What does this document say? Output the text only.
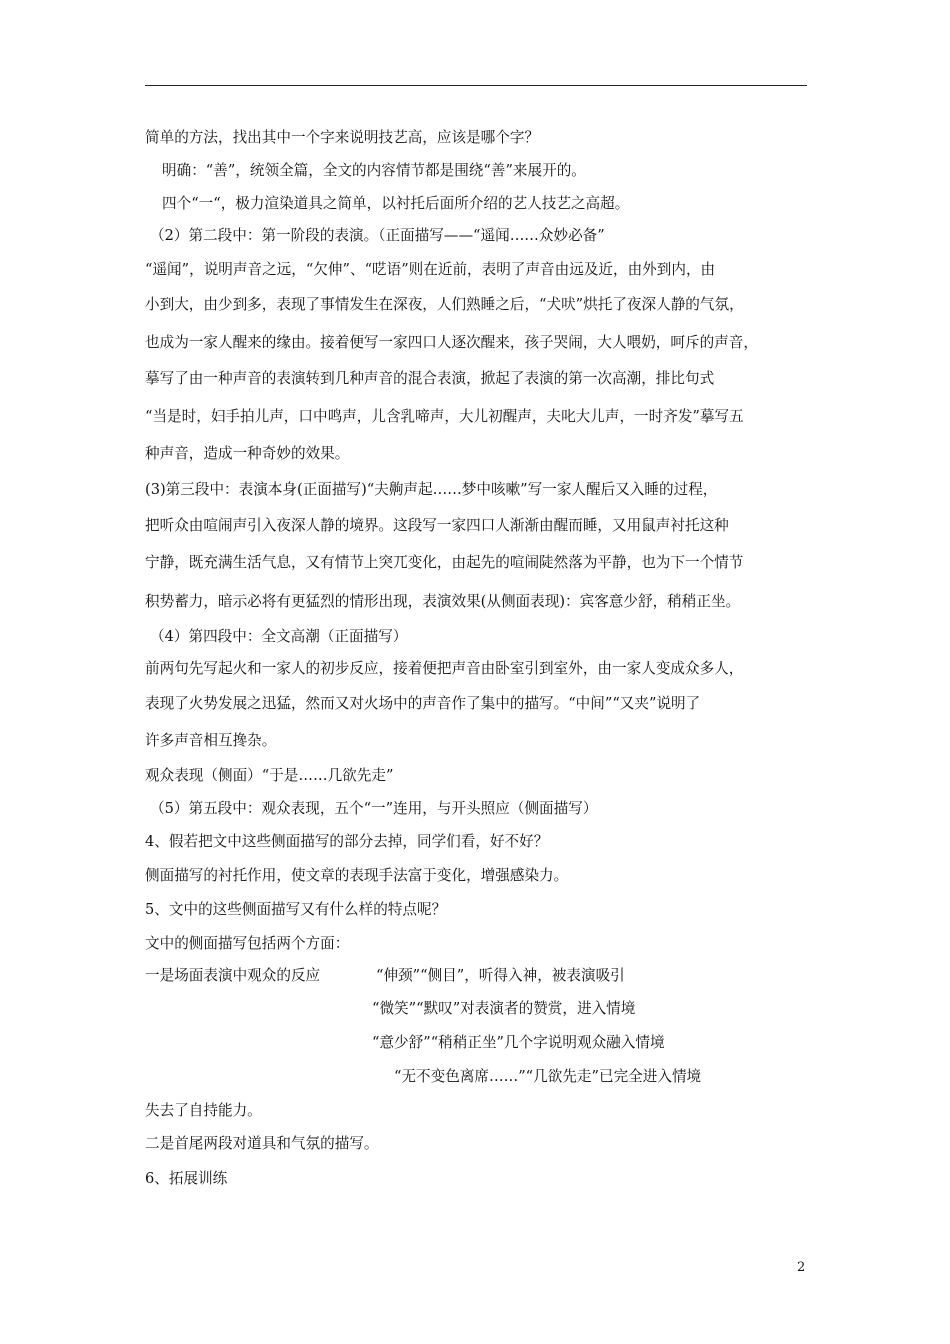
简单的方法，找出其中一个字来说明技艺高，应该是哪个字？
明确：“善”，统领全篇，全文的内容情节都是围绕“善”来展开的。
四个“一“，极力渲染道具之简单，以衬托后面所介绍的艺人技艺之高超。
（2）第二段中：第一阶段的表演。（正面描写——“遥闻……众妙必备”
“遥闻”，说明声音之远，“欠伸”、“呓语”则在近前，表明了声音由远及近，由外到内，由
小到大，由少到多，表现了事情发生在深夜，人们熟睡之后，“犬吠”烘托了夜深人静的气氛，
也成为一家人醒来的缘由。接着便写一家四口人逐次醒来，孩子哭闹，大人喂奶，呵斥的声音，
摹写了由一种声音的表演转到几种声音的混合表演，掀起了表演的第一次高潮，排比句式
“当是时，妇手拍儿声，口中鸣声，儿含乳啼声，大儿初醒声，夫叱大儿声，一时齐发”摹写五
种声音，造成一种奇妙的效果。
(3)第三段中：表演本身(正面描写)“夫齁声起……梦中咳嗽”写一家人醒后又入睡的过程，
把听众由喧闹声引入夜深人静的境界。这段写一家四口人渐渐由醒而睡，又用鼠声衬托这种
宁静，既充满生活气息，又有情节上突兀变化，由起先的喧闹陡然落为平静，也为下一个情节
积势蓄力，暗示必将有更猛烈的情形出现，表演效果(从侧面表现)：宾客意少舒，稍稍正坐。
（4）第四段中：全文高潮（正面描写）
前两句先写起火和一家人的初步反应，接着便把声音由卧室引到室外，由一家人变成众多人，
表现了火势发展之迅猛，然而又对火场中的声音作了集中的描写。“中间”“又夹”说明了
许多声音相互搀杂。
观众表现（侧面）“于是……几欲先走”
（5）第五段中：观众表现，五个“一”连用，与开头照应（侧面描写）
4、假若把文中这些侧面描写的部分去掉，同学们看，好不好？
侧面描写的衬托作用，使文章的表现手法富于变化，增强感染力。
5、文中的这些侧面描写又有什么样的特点呢？
文中的侧面描写包括两个方面：
一是场面表演中观众的反应	“伸颈”“侧目”，听得入神，被表演吸引
“微笑”“默叹”对表演者的赞赏，进入情境
“意少舒”“稍稍正坐”几个字说明观众融入情境
“无不变色离席……”“几欲先走”已完全进入情境
失去了自持能力。
二是首尾两段对道具和气氛的描写。
6、拓展训练
2
